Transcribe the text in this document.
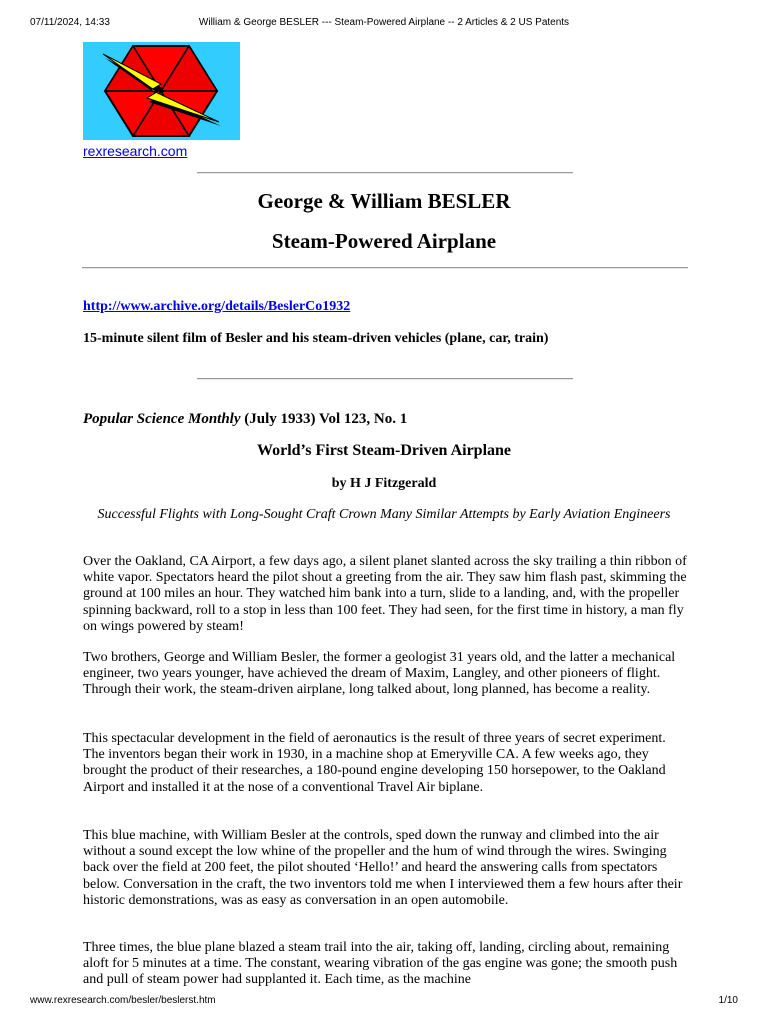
07/11/2024, 14:33	William & George BESLER --- Steam-Powered Airplane -- 2 Articles & 2 US Patents
rexresearch.com
George & William BESLER
Steam-Powered Airplane
http://www.archive.org/details/BeslerCo1932
15-minute silent film of Besler and his steam-driven vehicles (plane, car, train)
Popular Science Monthly (July 1933) Vol 123, No. 1
World’s First Steam-Driven Airplane
by H J Fitzgerald
Successful Flights with Long-Sought Craft Crown Many Similar Attempts by Early Aviation Engineers

Over the Oakland, CA Airport, a few days ago, a silent planet slanted across the sky trailing a thin ribbon of white vapor. Spectators heard the pilot shout a greeting from the air. They saw him flash past, skimming the ground at 100 miles an hour. They watched him bank into a turn, slide to a landing, and, with the propeller spinning backward, roll to a stop in less than 100 feet. They had seen, for the first time in history, a man fly on wings powered by steam!

Two brothers, George and William Besler, the former a geologist 31 years old, and the latter a mechanical engineer, two years younger, have achieved the dream of Maxim, Langley, and other pioneers of flight. Through their work, the steam-driven airplane, long talked about, long planned, has become a reality.

This spectacular development in the field of aeronautics is the result of three years of secret experiment. The inventors began their work in 1930, in a machine shop at Emeryville CA. A few weeks ago, they brought the product of their researches, a 180-pound engine developing 150 horsepower, to the Oakland Airport and installed it at the nose of a conventional Travel Air biplane.

This blue machine, with William Besler at the controls, sped down the runway and climbed into the air without a sound except the low whine of the propeller and the hum of wind through the wires. Swinging back over the field at 200 feet, the pilot shouted ‘Hello!’ and heard the answering calls from spectators below. Conversation in the craft, the two inventors told me when I interviewed them a few hours after their historic demonstrations, was as easy as conversation in an open automobile.

Three times, the blue plane blazed a steam trail into the air, taking off, landing, circling about, remaining aloft for 5 minutes at a time. The constant, wearing vibration of the gas engine was gone; the smooth push and pull of steam power had supplanted it. Each time, as the machine

www.rexresearch.com/besler/beslerst.htm	1/10
